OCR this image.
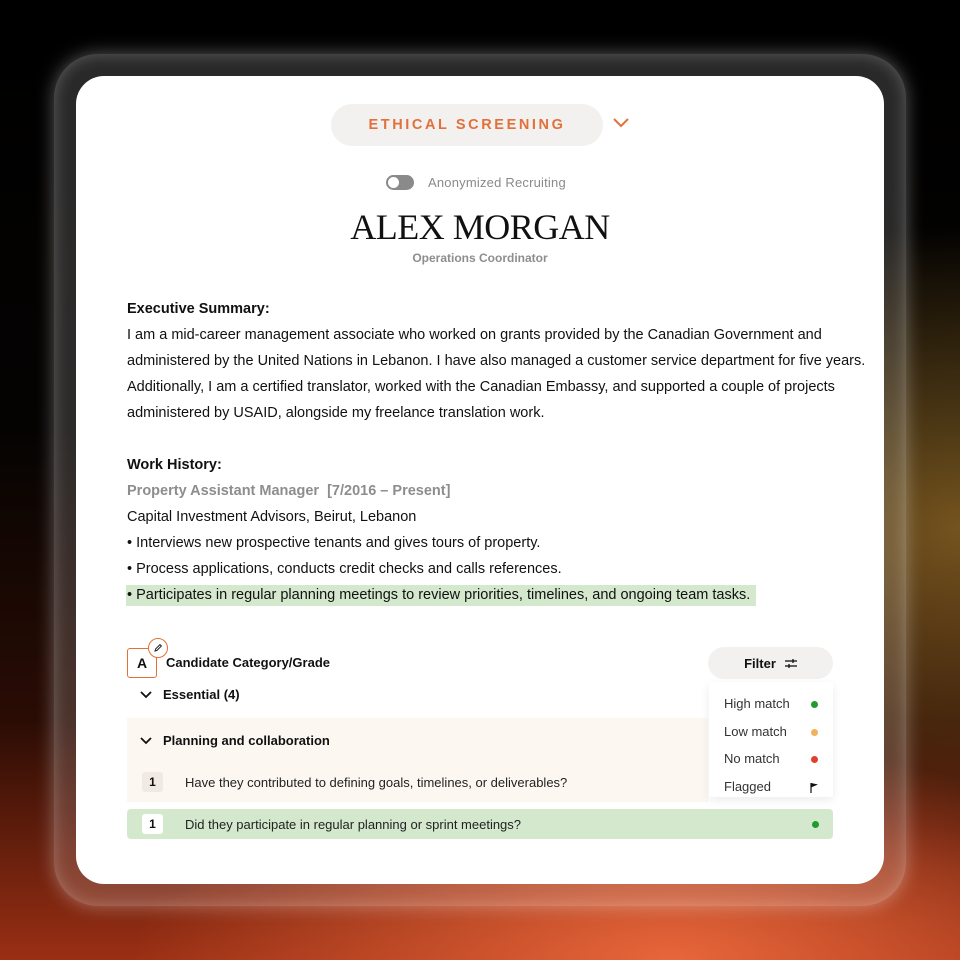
ETHICAL SCREENING
Anonymized Recruiting
ALEX MORGAN
Operations Coordinator
Executive Summary:
I am a mid-career management associate who worked on grants provided by the Canadian Government and
administered by the United Nations in Lebanon. I have also managed a customer service department for five years.
Additionally, I am a certified translator, worked with the Canadian Embassy, and supported a couple of projects
administered by USAID, alongside my freelance translation work.
Work History:
Property Assistant Manager  [7/2016 – Present]
Capital Investment Advisors, Beirut, Lebanon
• Interviews new prospective tenants and gives tours of property.
• Process applications, conducts credit checks and calls references.
• Participates in regular planning meetings to review priorities, timelines, and ongoing team tasks.
A Candidate Category/Grade
Essential (4)
Planning and collaboration
1	Have they contributed to defining goals, timelines, or deliverables?
1	Did they participate in regular planning or sprint meetings?
Filter
High match
Low match
No match
Flagged
